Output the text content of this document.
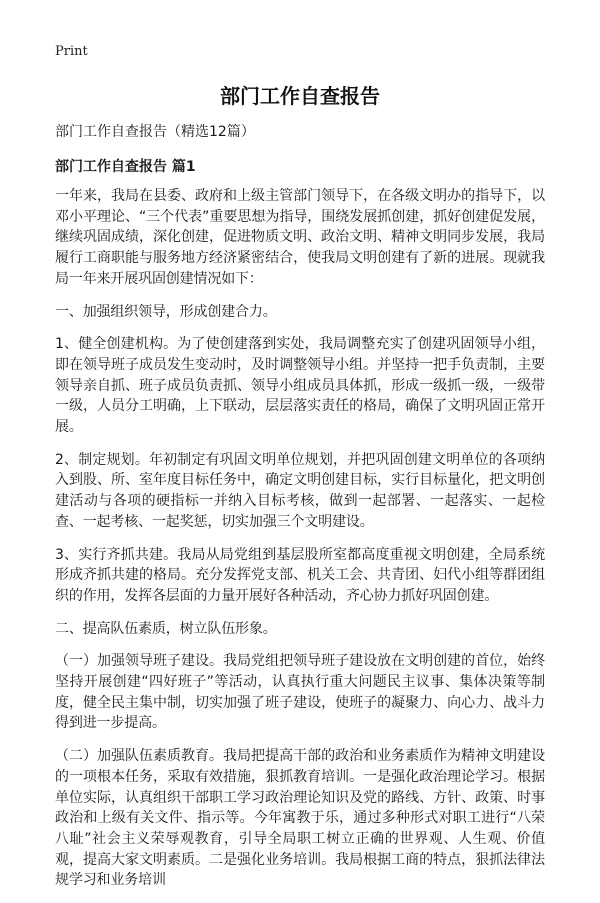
Print
部门工作自查报告

部门工作自查报告（精选12篇）

部门工作自查报告 篇1

一年来，我局在县委、政府和上级主管部门领导下，在各级文明办的指导下，以邓小平理论、“三个代表”重要思想为指导，围绕发展抓创建，抓好创建促发展，继续巩固成绩，深化创建，促进物质文明、政治文明、精神文明同步发展，我局履行工商职能与服务地方经济紧密结合，使我局文明创建有了新的进展。现就我局一年来开展巩固创建情况如下：

一、加强组织领导，形成创建合力。

1、健全创建机构。为了使创建落到实处，我局调整充实了创建巩固领导小组，即在领导班子成员发生变动时，及时调整领导小组。并坚持一把手负责制，主要领导亲自抓、班子成员负责抓、领导小组成员具体抓，形成一级抓一级，一级带一级，人员分工明确，上下联动，层层落实责任的格局，确保了文明巩固正常开展。

2、制定规划。年初制定有巩固文明单位规划，并把巩固创建文明单位的各项纳入到股、所、室年度目标任务中，确定文明创建目标，实行目标量化，把文明创建活动与各项的硬指标一并纳入目标考核，做到一起部署、一起落实、一起检查、一起考核、一起奖惩，切实加强三个文明建设。

3、实行齐抓共建。我局从局党组到基层股所室都高度重视文明创建，全局系统形成齐抓共建的格局。充分发挥党支部、机关工会、共青团、妇代小组等群团组织的作用，发挥各层面的力量开展好各种活动，齐心协力抓好巩固创建。

二、提高队伍素质，树立队伍形象。

（一）加强领导班子建设。我局党组把领导班子建设放在文明创建的首位，始终坚持开展创建“四好班子”等活动，认真执行重大问题民主议事、集体决策等制度，健全民主集中制，切实加强了班子建设，使班子的凝聚力、向心力、战斗力得到进一步提高。

（二）加强队伍素质教育。我局把提高干部的政治和业务素质作为精神文明建设的一项根本任务，采取有效措施，狠抓教育培训。一是强化政治理论学习。根据单位实际，认真组织干部职工学习政治理论知识及党的路线、方针、政策、时事政治和上级有关文件、指示等。今年寓教于乐，通过多种形式对职工进行“八荣八耻”社会主义荣辱观教育，引导全局职工树立正确的世界观、人生观、价值观，提高大家文明素质。二是强化业务培训。我局根据工商的特点，狠抓法律法规学习和业务培训
